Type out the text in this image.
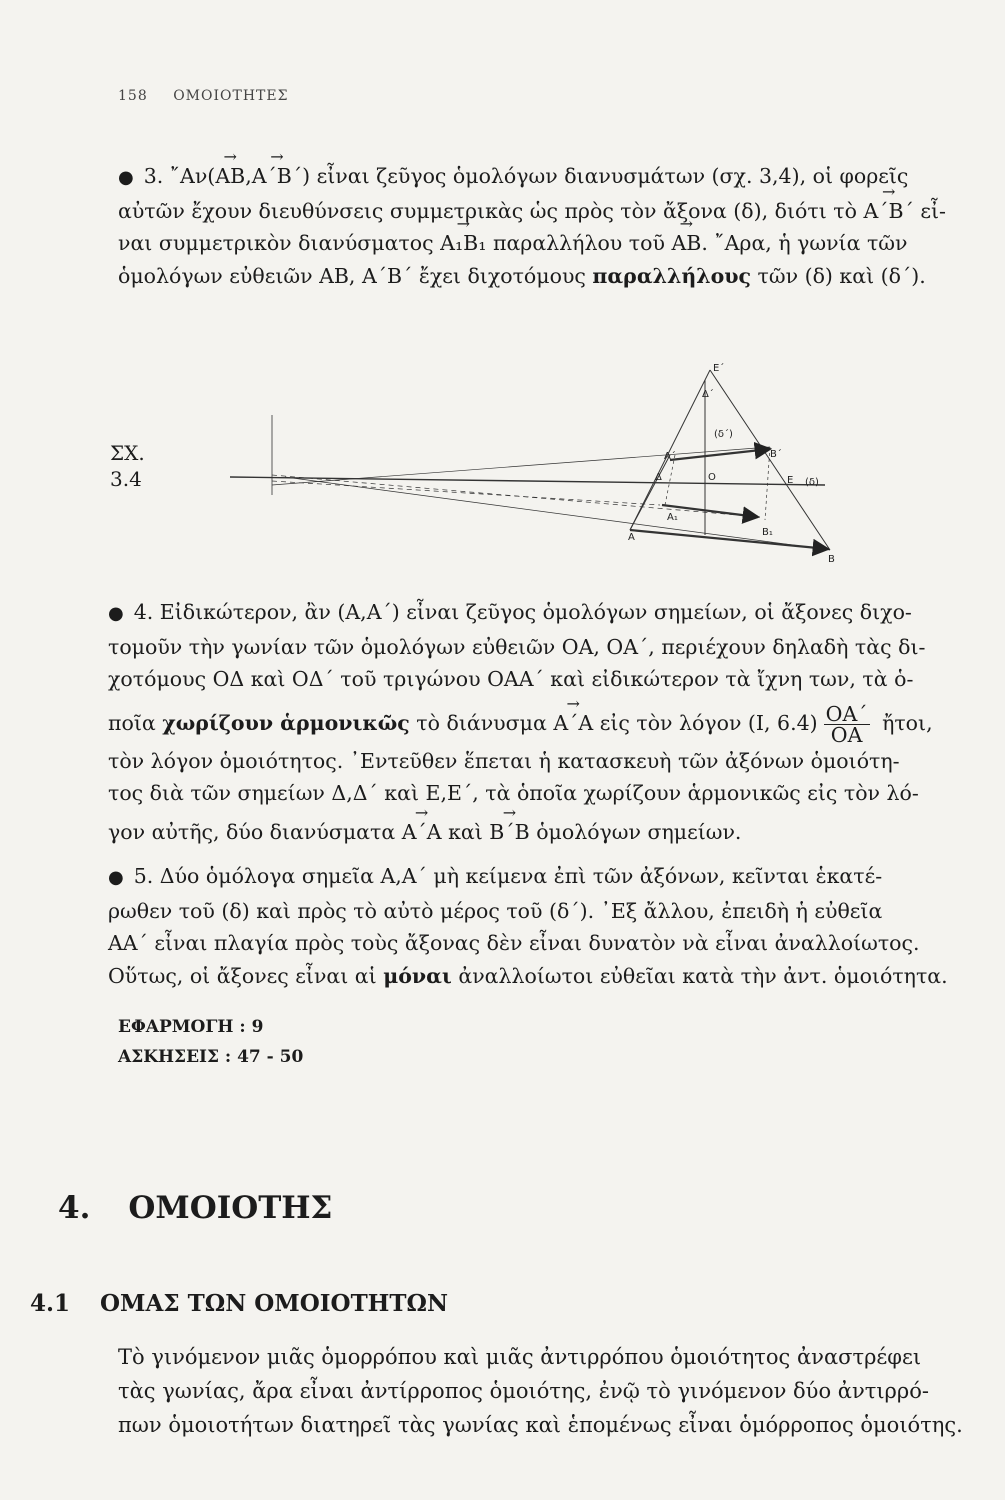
158 ΟΜΟΙΟΤΗΤΕΣ
● 3. ῎Αν(→ ΑΒ,→ Α΄Β΄) εἶναι ζεῦγος ὁμολόγων διανυσμάτων (σχ. 3,4), οἱ φορεῖς
αὐτῶν ἔχουν διευθύνσεις συμμετρικὰς ὡς πρὸς τὸν ἄξονα (δ), διότι τὸ → Α΄Β΄ εἶ-
ναι συμμετρικὸν διανύσματος → Α₁Β₁ παραλλήλου τοῦ → ΑΒ. ῎Αρα, ἡ γωνία τῶν
ὁμολόγων εὐθειῶν ΑΒ, Α΄Β΄ ἔχει διχοτόμους παραλλήλους τῶν (δ) καὶ (δ΄).
ΣΧ.
3.4
Ε΄
Δ΄
(δ΄)
Β΄
Α΄
Δ	Ο	Ε (δ)
Α₁
Β₁
Α
Β
● 4. Εἰδικώτερον, ἂν (Α,Α΄) εἶναι ζεῦγος ὁμολόγων σημείων, οἱ ἄξονες διχο-
τομοῦν τὴν γωνίαν τῶν ὁμολόγων εὐθειῶν ΟΑ, ΟΑ΄, περιέχουν δηλαδὴ τὰς δι-
χοτόμους ΟΔ καὶ ΟΔ΄ τοῦ τριγώνου ΟΑΑ΄ καὶ εἰδικώτερον τὰ ἴχνη των, τὰ ὁ-
ποῖα χωρίζουν ἁρμονικῶς τὸ διάνυσμα → Α΄Α εἰς τὸν λόγον (Ι, $6.4) \frac{OA΄}{OA}$ ἤτοι,
τὸν λόγον ὁμοιότητος. ᾿Εντεῦθεν ἕπεται ἡ κατασκευὴ τῶν ἀξόνων ὁμοιότη-
τος διὰ τῶν σημείων Δ,Δ΄ καὶ Ε,Ε΄, τὰ ὁποῖα χωρίζουν ἁρμονικῶς εἰς τὸν λό-
γον αὐτῆς, δύο διανύσματα → Α΄Α καὶ → Β΄Β ὁμολόγων σημείων.
● 5. Δύο ὁμόλογα σημεῖα Α,Α΄ μὴ κείμενα ἐπὶ τῶν ἀξόνων, κεῖνται ἑκατέ-
ρωθεν τοῦ (δ) καὶ πρὸς τὸ αὐτὸ μέρος τοῦ (δ΄). ᾿Εξ ἄλλου, ἐπειδὴ ἡ εὐθεῖα
ΑΑ΄ εἶναι πλαγία πρὸς τοὺς ἄξονας δὲν εἶναι δυνατὸν νὰ εἶναι ἀναλλοίωτος.
Οὕτως, οἱ ἄξονες εἶναι αἱ μόναι ἀναλλοίωτοι εὐθεῖαι κατὰ τὴν ἀντ. ὁμοιότητα.
ΕΦΑΡΜΟΓΗ : 9
ΑΣΚΗΣΕΙΣ : 47 - 50
4. ΟΜΟΙΟΤΗΣ
4.1 ΟΜΑΣ ΤΩΝ ΟΜΟΙΟΤΗΤΩΝ
Τὸ γινόμενον μιᾶς ὁμορρόπου καὶ μιᾶς ἀντιρρόπου ὁμοιότητος ἀναστρέφει
τὰς γωνίας, ἄρα εἶναι ἀντίρροπος ὁμοιότης, ἐνῷ τὸ γινόμενον δύο ἀντιρρό-
πων ὁμοιοτήτων διατηρεῖ τὰς γωνίας καὶ ἑπομένως εἶναι ὁμόρροπος ὁμοιότης.
